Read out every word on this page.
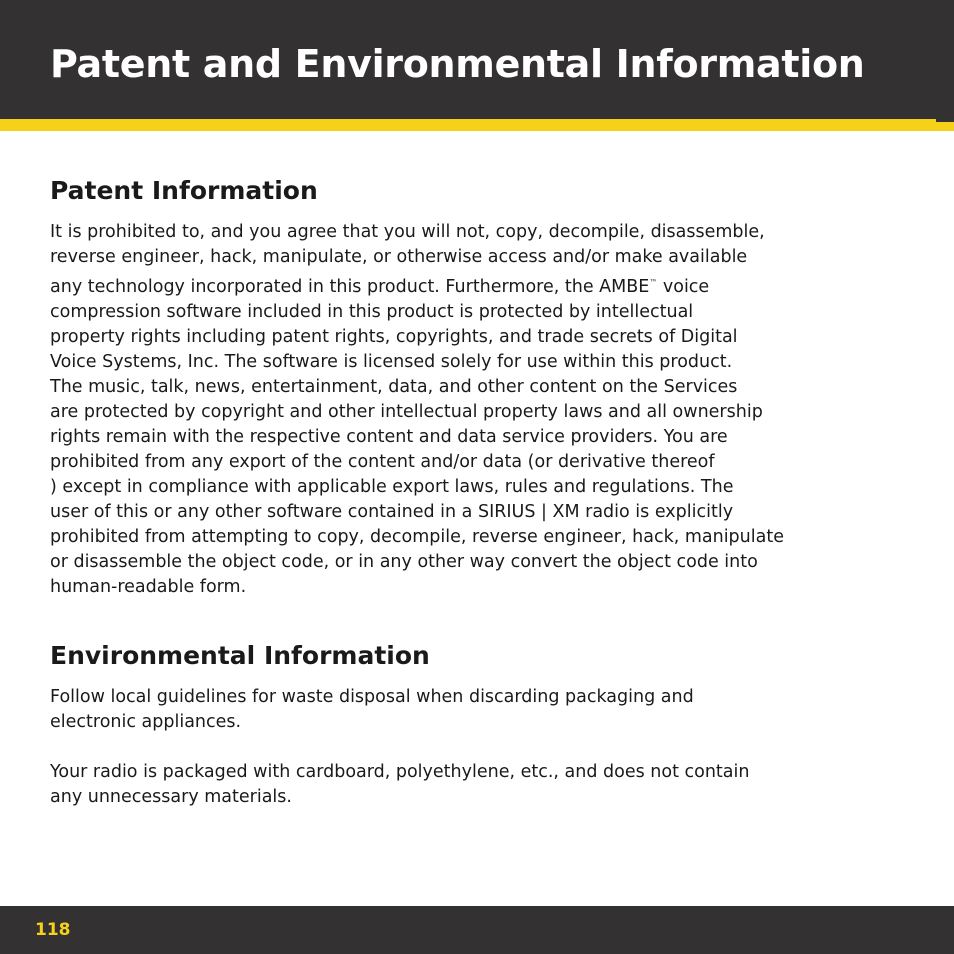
Patent and Environmental Information
Patent Information
It is prohibited to, and you agree that you will not, copy, decompile, disassemble,
reverse engineer, hack, manipulate, or otherwise access and/or make available
any technology incorporated in this product. Furthermore, the AMBE™ voice
compression software included in this product is protected by intellectual
property rights including patent rights, copyrights, and trade secrets of Digital
Voice Systems, Inc. The software is licensed solely for use within this product.
The music, talk, news, entertainment, data, and other content on the Services
are protected by copyright and other intellectual property laws and all ownership
rights remain with the respective content and data service providers. You are
prohibited from any export of the content and/or data (or derivative thereof
) except in compliance with applicable export laws, rules and regulations. The
user of this or any other software contained in a SIRIUS | XM radio is explicitly
prohibited from attempting to copy, decompile, reverse engineer, hack, manipulate
or disassemble the object code, or in any other way convert the object code into
human-readable form.
Environmental Information
Follow local guidelines for waste disposal when discarding packaging and
electronic appliances.
Your radio is packaged with cardboard, polyethylene, etc., and does not contain
any unnecessary materials.
118
